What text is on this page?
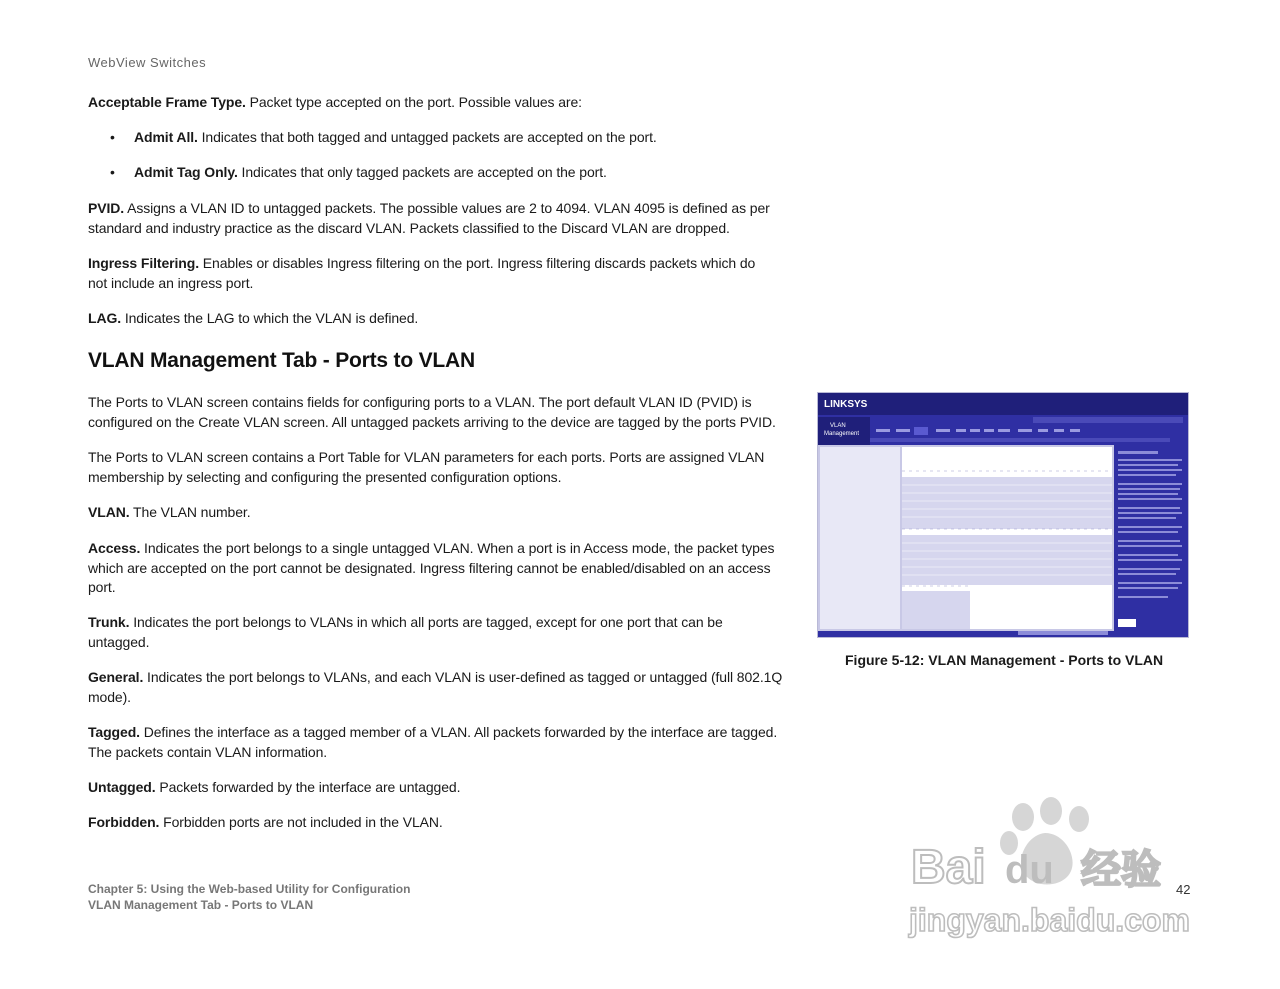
WebView Switches
Acceptable Frame Type. Packet type accepted on the port. Possible values are:
• Admit All. Indicates that both tagged and untagged packets are accepted on the port.
• Admit Tag Only. Indicates that only tagged packets are accepted on the port.
PVID. Assigns a VLAN ID to untagged packets. The possible values are 2 to 4094. VLAN 4095 is defined as per standard and industry practice as the discard VLAN. Packets classified to the Discard VLAN are dropped.
Ingress Filtering. Enables or disables Ingress filtering on the port. Ingress filtering discards packets which do not include an ingress port.
LAG. Indicates the LAG to which the VLAN is defined.
VLAN Management Tab - Ports to VLAN
The Ports to VLAN screen contains fields for configuring ports to a VLAN. The port default VLAN ID (PVID) is configured on the Create VLAN screen. All untagged packets arriving to the device are tagged by the ports PVID.
The Ports to VLAN screen contains a Port Table for VLAN parameters for each ports. Ports are assigned VLAN membership by selecting and configuring the presented configuration options.
VLAN. The VLAN number.
Access. Indicates the port belongs to a single untagged VLAN. When a port is in Access mode, the packet types which are accepted on the port cannot be designated. Ingress filtering cannot be enabled/disabled on an access port.
Trunk. Indicates the port belongs to VLANs in which all ports are tagged, except for one port that can be untagged.
General. Indicates the port belongs to VLANs, and each VLAN is user-defined as tagged or untagged (full 802.1Q mode).
Tagged. Defines the interface as a tagged member of a VLAN. All packets forwarded by the interface are tagged. The packets contain VLAN information.
Untagged. Packets forwarded by the interface are untagged.
Forbidden. Forbidden ports are not included in the VLAN.
LINKSYS
VLAN
Management
Figure 5-12: VLAN Management - Ports to VLAN
Chapter 5: Using the Web-based Utility for Configuration
VLAN Management Tab - Ports to VLAN
42
Bai du 经验
jingyan.baidu.com
